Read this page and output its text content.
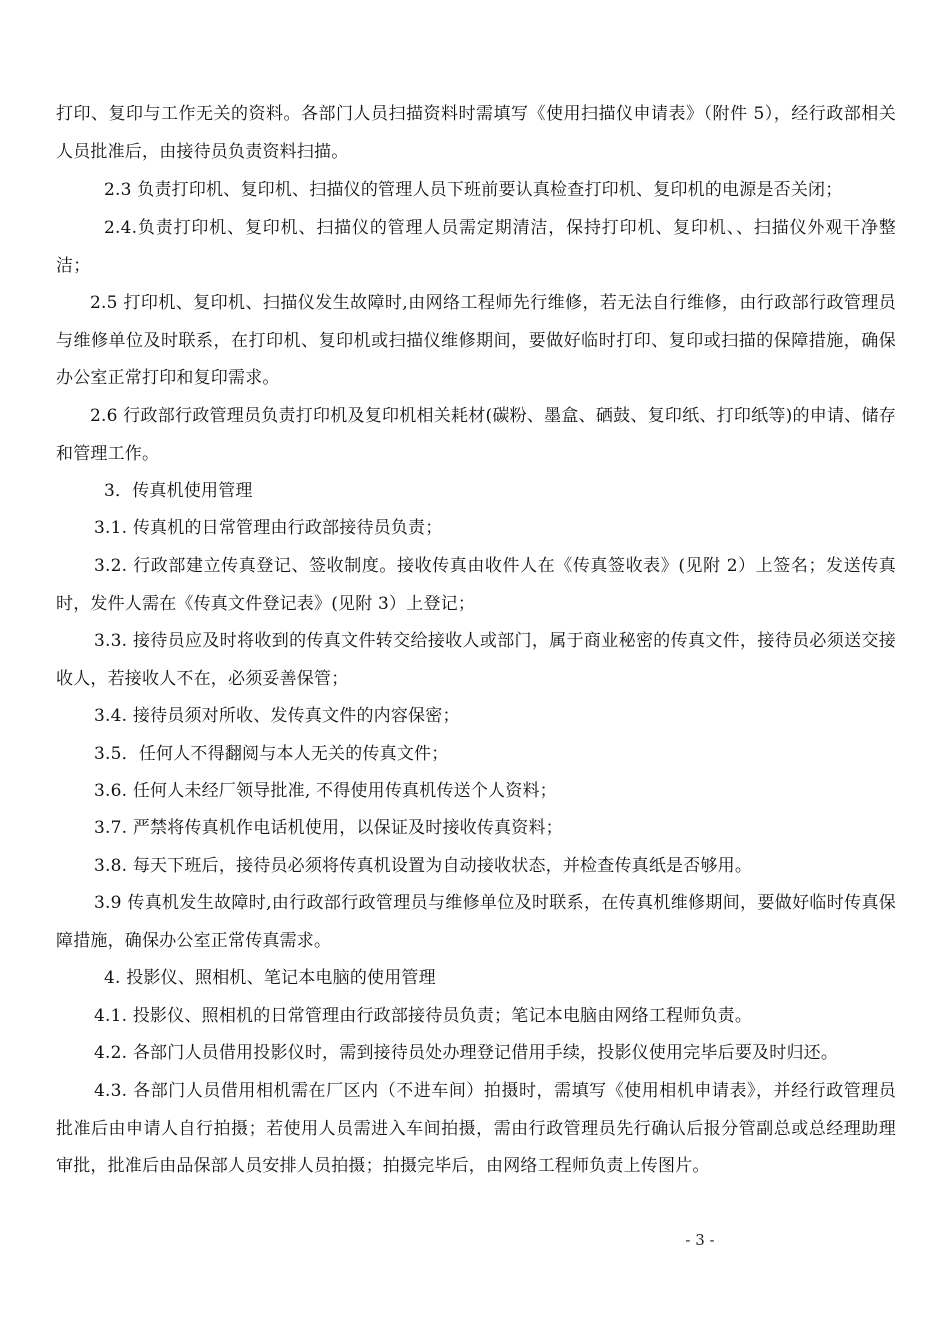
打印、复印与工作无关的资料。各部门人员扫描资料时需填写《使用扫描仪申请表》（附件 5），经行政部相关人员批准后，由接待员负责资料扫描。

2.3 负责打印机、复印机、扫描仪的管理人员下班前要认真检查打印机、复印机的电源是否关闭；

2.4.负责打印机、复印机、扫描仪的管理人员需定期清洁，保持打印机、复印机、、扫描仪外观干净整洁；

2.5 打印机、复印机、扫描仪发生故障时,由网络工程师先行维修，若无法自行维修，由行政部行政管理员与维修单位及时联系，在打印机、复印机或扫描仪维修期间，要做好临时打印、复印或扫描的保障措施，确保办公室正常打印和复印需求。

2.6 行政部行政管理员负责打印机及复印机相关耗材(碳粉、墨盒、硒鼓、复印纸、打印纸等)的申请、储存和管理工作。

3．传真机使用管理

3.1. 传真机的日常管理由行政部接待员负责；

3.2. 行政部建立传真登记、签收制度。接收传真由收件人在《传真签收表》(见附 2）上签名；发送传真时，发件人需在《传真文件登记表》(见附 3）上登记；

3.3. 接待员应及时将收到的传真文件转交给接收人或部门，属于商业秘密的传真文件，接待员必须送交接收人，若接收人不在，必须妥善保管；

3.4. 接待员须对所收、发传真文件的内容保密；

3.5．任何人不得翻阅与本人无关的传真文件；

3.6. 任何人未经厂领导批准, 不得使用传真机传送个人资料；

3.7. 严禁将传真机作电话机使用，以保证及时接收传真资料；

3.8. 每天下班后，接待员必须将传真机设置为自动接收状态，并检查传真纸是否够用。

3.9 传真机发生故障时,由行政部行政管理员与维修单位及时联系，在传真机维修期间，要做好临时传真保障措施，确保办公室正常传真需求。

4. 投影仪、照相机、笔记本电脑的使用管理

4.1. 投影仪、照相机的日常管理由行政部接待员负责；笔记本电脑由网络工程师负责。

4.2. 各部门人员借用投影仪时，需到接待员处办理登记借用手续，投影仪使用完毕后要及时归还。

4.3. 各部门人员借用相机需在厂区内（不进车间）拍摄时，需填写《使用相机申请表》，并经行政管理员批准后由申请人自行拍摄；若使用人员需进入车间拍摄，需由行政管理员先行确认后报分管副总或总经理助理审批，批准后由品保部人员安排人员拍摄；拍摄完毕后，由网络工程师负责上传图片。

- 3 -
